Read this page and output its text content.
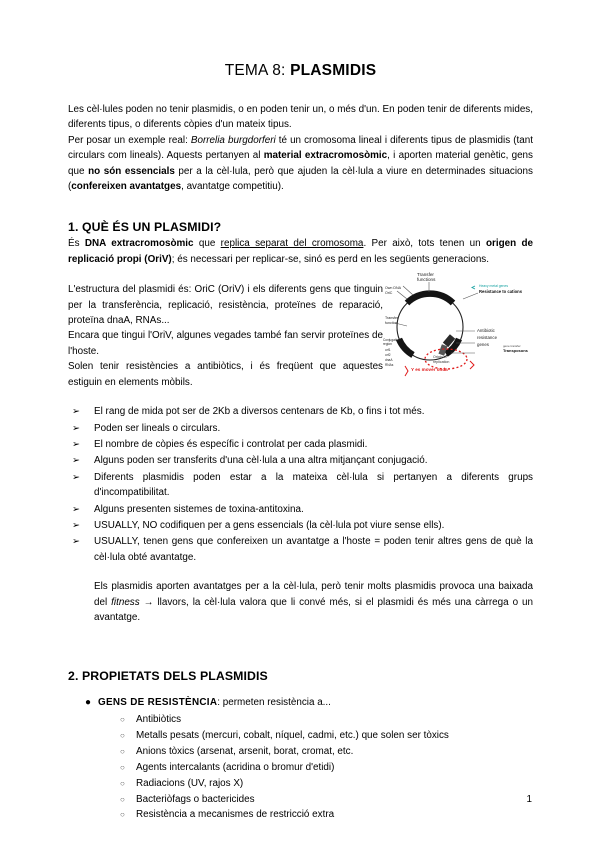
TEMA 8: PLASMIDIS

Les cèl·lules poden no tenir plasmidis, o en poden tenir un, o més d'un. En poden tenir de diferents mides, diferents tipus, o diferents còpies d'un mateix tipus.

Per posar un exemple real: Borrelia burgdorferi té un cromosoma lineal i diferents tipus de plasmidis (tant circulars com lineals). Aquests pertanyen al material extracromosòmic, i aporten material genètic, gens que no són essencials per a la cèl·lula, però que ajuden la cèl·lula a viure en determinades situacions (confereixen avantatges, avantatge competitiu).

1. QUÈ ÉS UN PLASMIDI?

És DNA extracromosòmic que replica separat del cromosoma. Per això, tots tenen un origen de replicació propi (OriV); és necessari per replicar-se, sinó es perd en les següents generacions.

Transfer
functions
Own DNA
OriC
Transfer
function
Conjugative
region
orf1
orf2
dnaA
RNAs
Origin of
replication
Heavy metal genes
Resistance to cations
Antibiotic
resistance
genes	gene transfer
Transposons
Y es mover onda

L'estructura del plasmidi és: OriC (OriV) i els diferents gens que tinguin per la transferència, replicació, resistència, proteïnes de reparació, proteïna dnaA, RNAs...

Encara que tingui l'OriV, algunes vegades també fan servir proteïnes de l'hoste.

Solen tenir resistències a antibiòtics, i és freqüent que aquestes estiguin en elements mòbils.

➢ El rang de mida pot ser de 2Kb a diversos centenars de Kb, o fins i tot més.
➢ Poden ser lineals o circulars.
➢ El nombre de còpies és específic i controlat per cada plasmidi.
➢ Alguns poden ser transferits d'una cèl·lula a una altra mitjançant conjugació.
➢ Diferents plasmidis poden estar a la mateixa cèl·lula si pertanyen a diferents grups d'incompatibilitat.
➢ Alguns presenten sistemes de toxina-antitoxina.
➢ USUALLY, NO codifiquen per a gens essencials (la cèl·lula pot viure sense ells).
➢ USUALLY, tenen gens que confereixen un avantatge a l'hoste = poden tenir altres gens de què la cèl·lula obté avantatge.

Els plasmidis aporten avantatges per a la cèl·lula, però tenir molts plasmidis provoca una baixada del fitness → llavors, la cèl·lula valora que li convé més, si el plasmidi és més una càrrega o un avantatge.

2. PROPIETATS DELS PLASMIDIS
● GENS DE RESISTÈNCIA: permeten resistència a...
○ Antibiòtics
○ Metalls pesats (mercuri, cobalt, níquel, cadmi, etc.) que solen ser tòxics
○ Anions tòxics (arsenat, arsenit, borat, cromat, etc.
○ Agents intercalants (acridina o bromur d'etidi)
○ Radiacions (UV, rajos X)
○ Bacteriòfags o bactericides
○ Resistència a mecanismes de restricció extra
1
